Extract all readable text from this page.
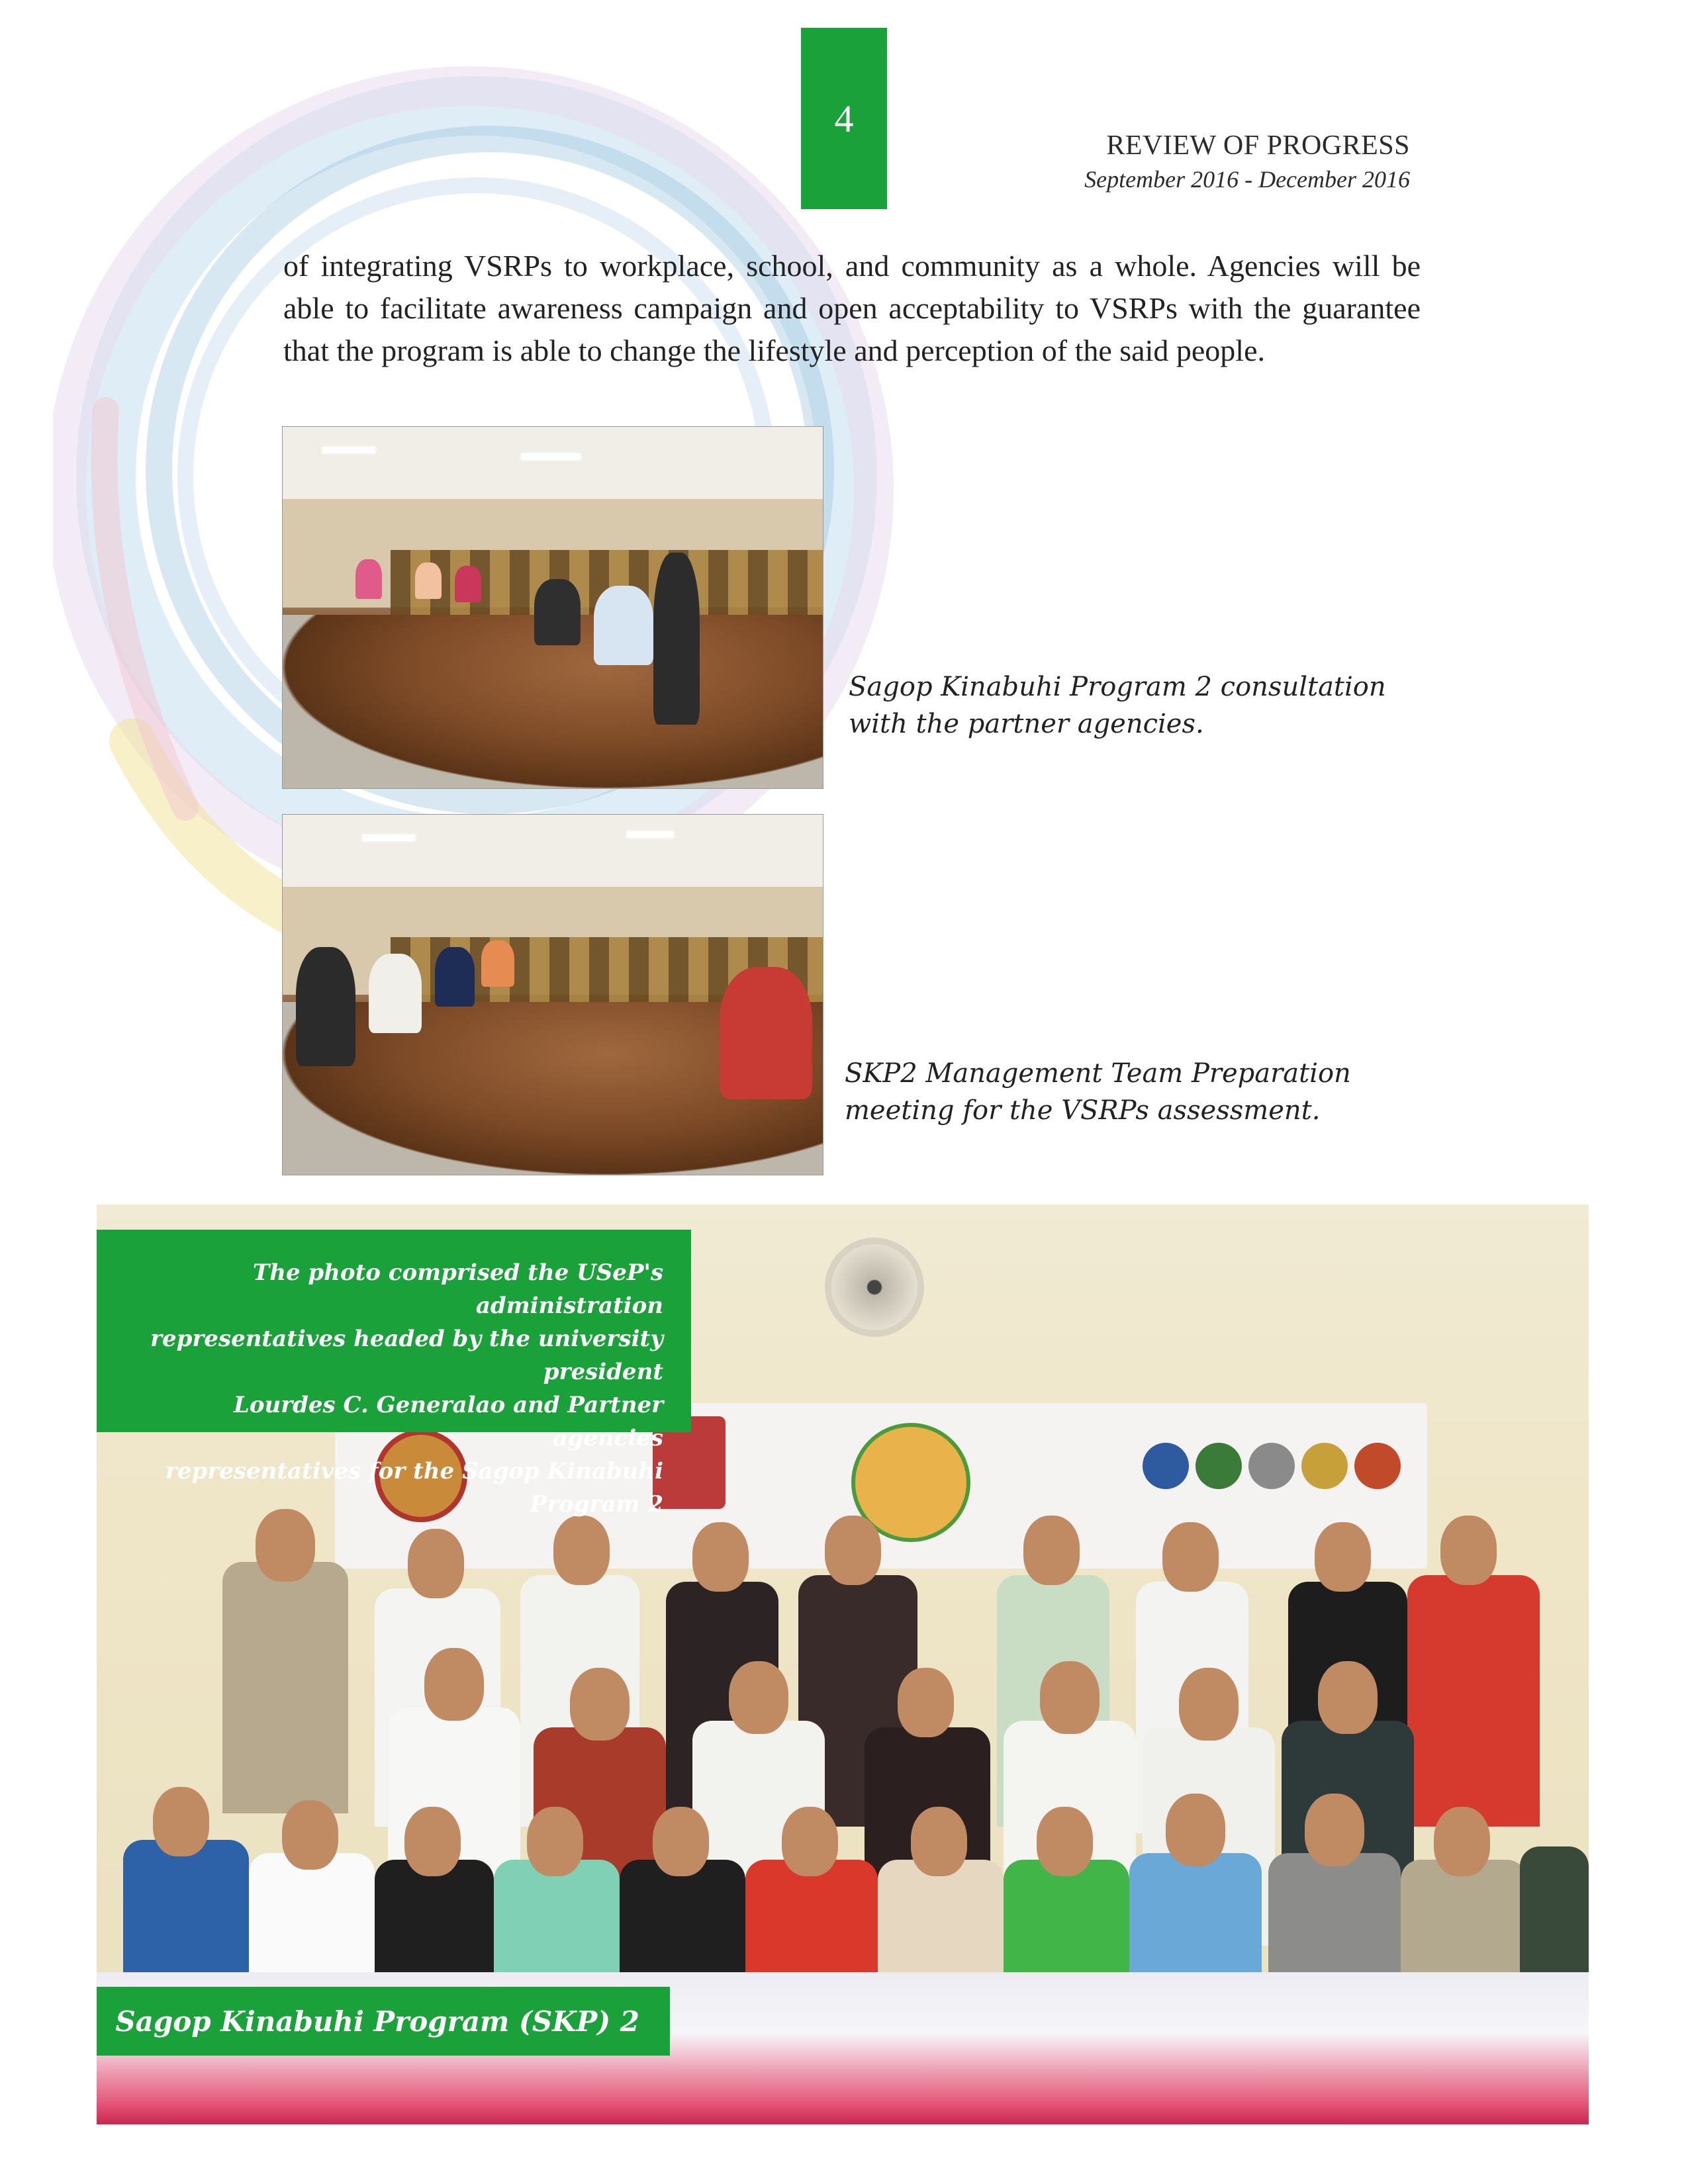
4
REVIEW OF PROGRESS
September 2016 - December 2016

of integrating VSRPs to workplace, school, and community as a whole. Agencies will be able to facilitate awareness campaign and open acceptability to VSRPs with the guarantee that the program is able to change the lifestyle and perception of the said people.

Sagop Kinabuhi Program 2 consultation
with the partner agencies.
SKP2 Management Team Preparation
meeting for the VSRPs assessment.
The photo comprised the USeP's administration
representatives headed by the university president
Lourdes C. Generalao and Partner agencies
representatives for the Sagop Kinabuhi Program 2
Sagop Kinabuhi Program (SKP) 2
